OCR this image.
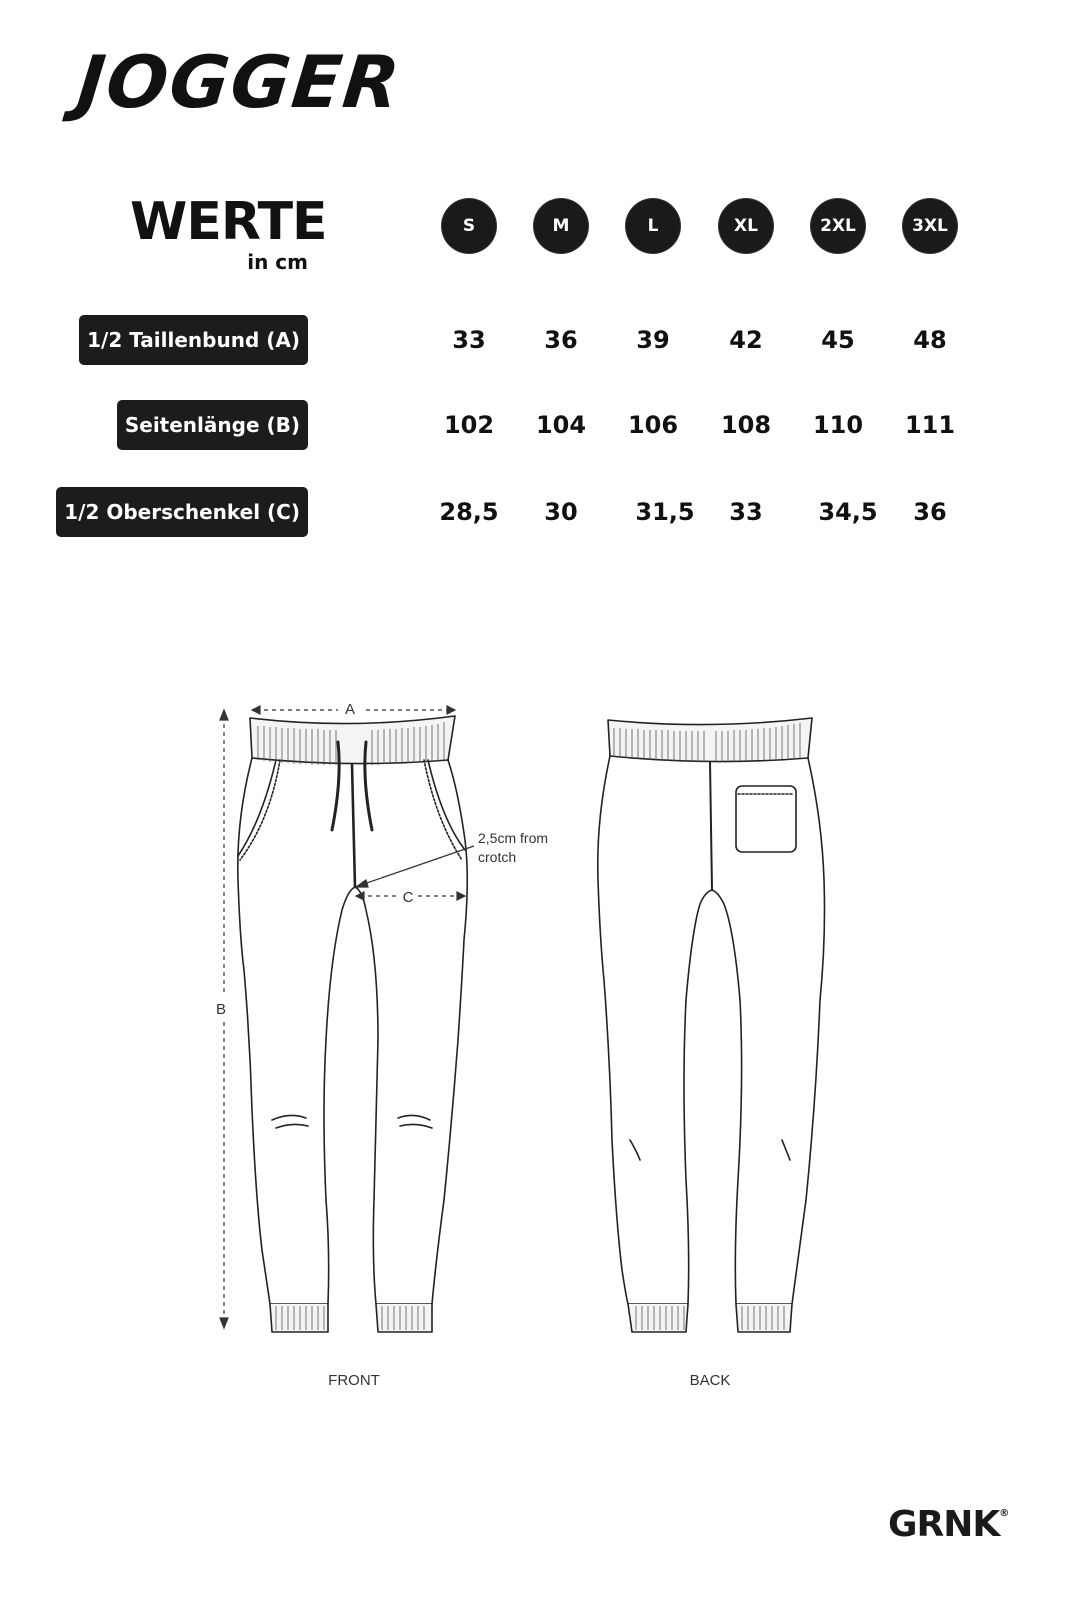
JOGGER
WERTE
in cm
S	M	L	XL	2XL	3XL
1/2 Taillenbund (A)	33	36	39	42	45	48
Seitenlänge (B)	102	104	106	108	110	111
1/2 Oberschenkel (C)	28,5	30	31,5	33	34,5	36
A
B
C
2,5cm from
crotch
FRONT	BACK
GRNK®
